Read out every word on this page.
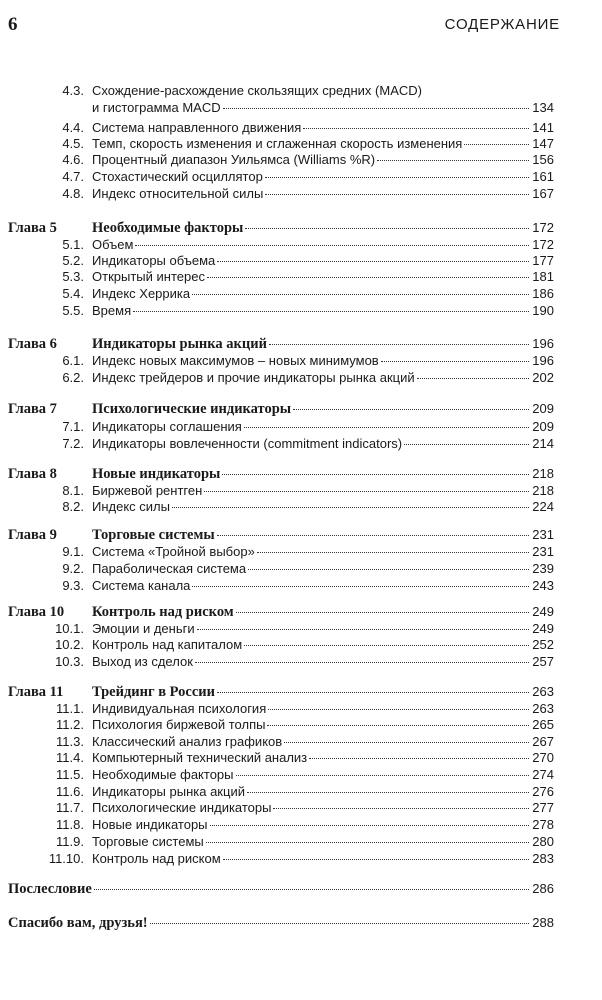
6	СОДЕРЖАНИЕ
4.3. Схождение-расхождение скользящих средних (MACD)
и гистограмма MACD	134
4.4. Система направленного движения	141
4.5. Темп, скорость изменения и сглаженная скорость изменения	147
4.6. Процентный диапазон Уильямса (Williams %R)	156
4.7. Стохастический осциллятор	161
4.8. Индекс относительной силы	167
Глава 5 Необходимые факторы	172
5.1. Объем	172
5.2. Индикаторы объема	177
5.3. Открытый интерес	181
5.4. Индекс Херрика	186
5.5. Время	190
Глава 6 Индикаторы рынка акций	196
6.1. Индекс новых максимумов – новых минимумов	196
6.2. Индекс трейдеров и прочие индикаторы рынка акций	202
Глава 7 Психологические индикаторы	209
7.1. Индикаторы соглашения	209
7.2. Индикаторы вовлеченности (commitment indicators)	214
Глава 8 Новые индикаторы	218
8.1. Биржевой рентген	218
8.2. Индекс силы	224
Глава 9 Торговые системы	231
9.1. Система «Тройной выбор»	231
9.2. Параболическая система	239
9.3. Система канала	243
Глава 10 Контроль над риском	249
10.1. Эмоции и деньги	249
10.2. Контроль над капиталом	252
10.3. Выход из сделок	257
Глава 11 Трейдинг в России	263
11.1. Индивидуальная психология	263
11.2. Психология биржевой толпы	265
11.3. Классический анализ графиков	267
11.4. Компьютерный технический анализ	270
11.5. Необходимые факторы	274
11.6. Индикаторы рынка акций	276
11.7. Психологические индикаторы	277
11.8. Новые индикаторы	278
11.9. Торговые системы	280
11.10. Контроль над риском	283
Послесловие	286
Спасибо вам, друзья!	288
